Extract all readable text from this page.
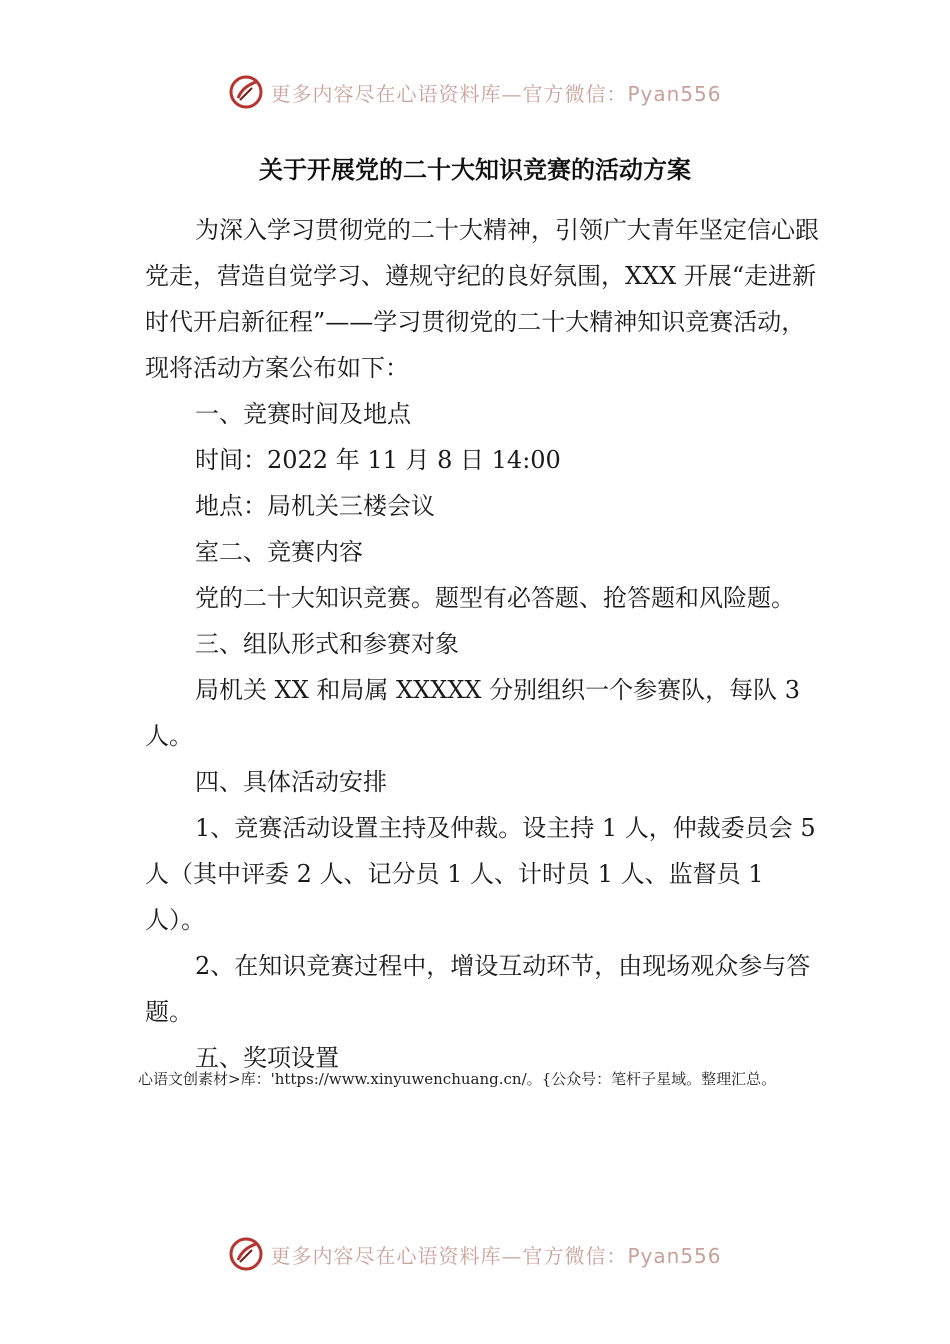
更多内容尽在心语资料库—官方微信：Pyan556
关于开展党的二十大知识竞赛的活动方案

为深入学习贯彻党的二十大精神，引领广大青年坚定信心跟党走，营造自觉学习、遵规守纪的良好氛围，XXX 开展“走进新时代开启新征程”——学习贯彻党的二十大精神知识竞赛活动，现将活动方案公布如下：

一、竞赛时间及地点

时间：2022 年 11 月 8 日 14:00

地点：局机关三楼会议

室二、竞赛内容

党的二十大知识竞赛。题型有必答题、抢答题和风险题。

三、组队形式和参赛对象

局机关 XX 和局属 XXXXX 分别组织一个参赛队，每队 3 人。

四、具体活动安排

1、竞赛活动设置主持及仲裁。设主持 1 人，仲裁委员会 5 人（其中评委 2 人、记分员 1 人、计时员 1 人、监督员 1 人）。

2、在知识竞赛过程中，增设互动环节，由现场观众参与答题。

五、奖项设置

心语文创素材>库：'https://www.xinyuwenchuang.cn/。{公众号：笔杆子星域。整理汇总。
更多内容尽在心语资料库—官方微信：Pyan556
